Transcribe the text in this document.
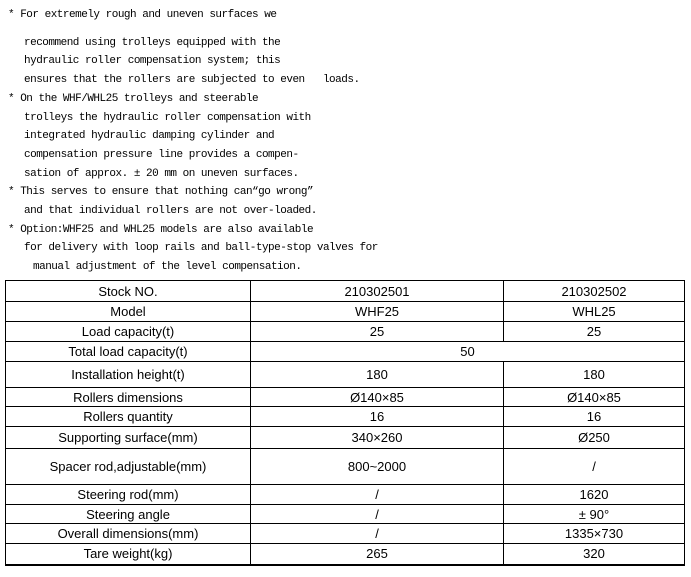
* For extremely rough and uneven surfaces we
recommend using trolleys equipped with the
hydraulic roller compensation system; this
ensures that the rollers are subjected to even   loads.
* On the WHF/WHL25 trolleys and steerable
trolleys the hydraulic roller compensation with
integrated hydraulic damping cylinder and
compensation pressure line provides a compen-
sation of approx. ± 20 mm on uneven surfaces.
* This serves to ensure that nothing can“go wrong”
and that individual rollers are not over-loaded.
* Option:WHF25 and WHL25 models are also available
for delivery with loop rails and ball-type-stop valves for
manual adjustment of the level compensation.
Stock NO.	210302501	210302502
Model	WHF25	WHL25
Load capacity(t)	25	25
Total load capacity(t)	50	
Installation height(t)	180	180
Rollers dimensions	Ø140×85	Ø140×85
Rollers quantity	16	16
Supporting surface(mm)	340×260	Ø250
Spacer rod,adjustable(mm)	800~2000	/
Steering rod(mm)	/	1620
Steering angle	/	± 90°
Overall dimensions(mm)	/	1335×730
Tare weight(kg)	265	320
